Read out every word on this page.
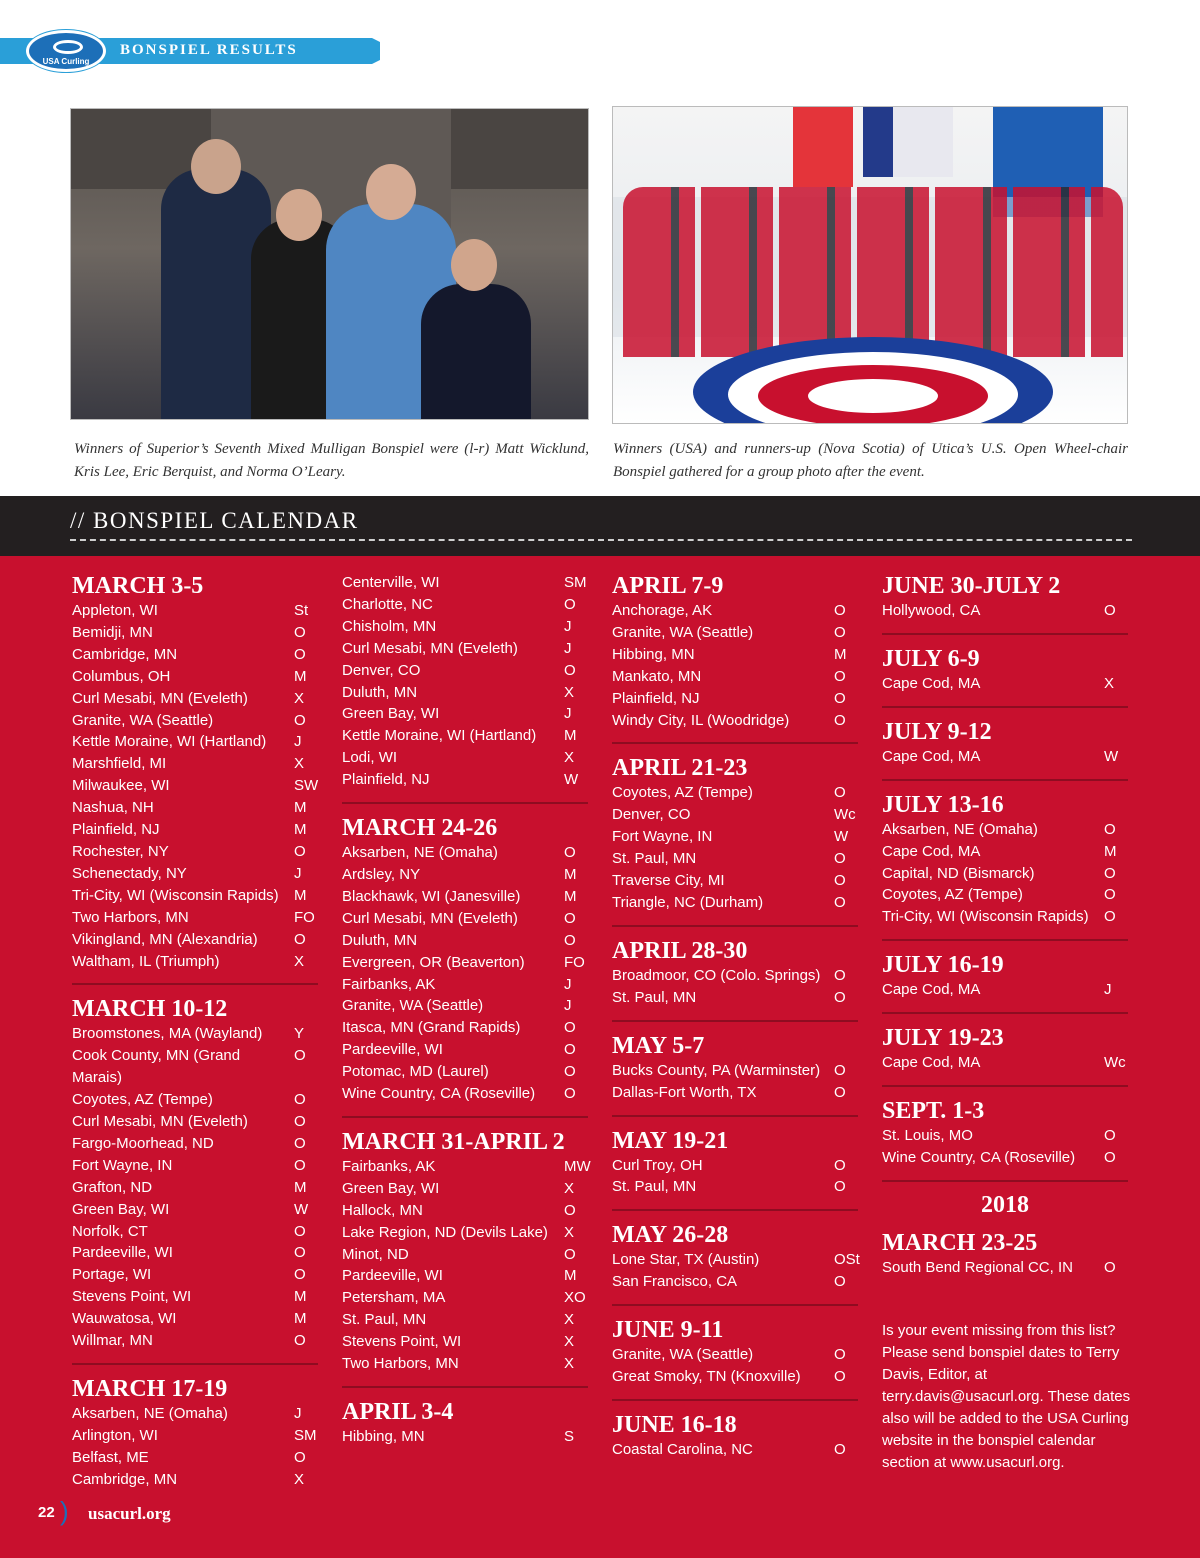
BONSPIEL RESULTS
USA Curling
Winners of Superior’s Seventh Mixed Mulligan Bonspiel were (l-r) Matt Wicklund, Kris Lee, Eric Berquist, and Norma O’Leary.
Winners (USA) and runners-up (Nova Scotia) of Utica’s U.S. Open Wheel-chair Bonspiel gathered for a group photo after the event.
// BONSPIEL CALENDAR
MARCH 3-5
Appleton, WI	St
Bemidji, MN	O
Cambridge, MN	O
Columbus, OH	M
Curl Mesabi, MN (Eveleth)	X
Granite, WA (Seattle)	O
Kettle Moraine, WI (Hartland) J
Marshfield, MI	X
Milwaukee, WI	SW
Nashua, NH	M
Plainfield, NJ	M
Rochester, NY	O
Schenectady, NY	J
Tri-City, WI (Wisconsin Rapids) M
Two Harbors, MN	FO
Vikingland, MN (Alexandria) O
Waltham, IL (Triumph)	X
MARCH 10-12
Broomstones, MA (Wayland) Y
Cook County, MN (Grand Marais)
O
Coyotes, AZ (Tempe)	O
Curl Mesabi, MN (Eveleth)	O
Fargo-Moorhead, ND	O
Fort Wayne, IN	O
Grafton, ND	M
Green Bay, WI	W
Norfolk, CT	O
Pardeeville, WI	O
Portage, WI	O
Stevens Point, WI	M
Wauwatosa, WI	M
Willmar, MN	O
MARCH 17-19
Aksarben, NE (Omaha)	J
Arlington, WI	SM
Belfast, ME	O
Cambridge, MN	X
Centerville, WI	SM
Charlotte, NC	O
Chisholm, MN	J
Curl Mesabi, MN (Eveleth)	J
Denver, CO	O
Duluth, MN	X
Green Bay, WI	J
Kettle Moraine, WI (Hartland) M
Lodi, WI	X
Plainfield, NJ	W
MARCH 24-26
Aksarben, NE (Omaha)	O
Ardsley, NY	M
Blackhawk, WI (Janesville)	M
Curl Mesabi, MN (Eveleth)	O
Duluth, MN	O
Evergreen, OR (Beaverton)	FO
Fairbanks, AK	J
Granite, WA (Seattle)	J
Itasca, MN (Grand Rapids)	O
Pardeeville, WI	O
Potomac, MD (Laurel)	O
Wine Country, CA (Roseville) O
MARCH 31-APRIL 2
Fairbanks, AK	MW
Green Bay, WI	X
Hallock, MN	O
Lake Region, ND (Devils Lake) X
Minot, ND	O
Pardeeville, WI	M
Petersham, MA	XO
St. Paul, MN	X
Stevens Point, WI	X
Two Harbors, MN	X
APRIL 3-4
Hibbing, MN	S
APRIL 7-9
Anchorage, AK	O
Granite, WA (Seattle)	O
Hibbing, MN	M
Mankato, MN	O
Plainfield, NJ	O
Windy City, IL (Woodridge)	O
APRIL 21-23
Coyotes, AZ (Tempe)	O
Denver, CO	Wc
Fort Wayne, IN	W
St. Paul, MN	O
Traverse City, MI	O
Triangle, NC (Durham)	O
APRIL 28-30
Broadmoor, CO (Colo. Springs) O
St. Paul, MN	O
MAY 5-7
Bucks County, PA (Warminster) O
Dallas-Fort Worth, TX	O
MAY 19-21
Curl Troy, OH	O
St. Paul, MN	O
MAY 26-28
Lone Star, TX (Austin)	OSt
San Francisco, CA	O
JUNE 9-11
Granite, WA (Seattle)	O
Great Smoky, TN (Knoxville) O
JUNE 16-18
Coastal Carolina, NC	O
JUNE 30-JULY 2
Hollywood, CA	O
JULY 6-9
Cape Cod, MA	X
JULY 9-12
Cape Cod, MA	W
JULY 13-16
Aksarben, NE (Omaha)	O
Cape Cod, MA	M
Capital, ND (Bismarck)	O
Coyotes, AZ (Tempe)	O
Tri-City, WI (Wisconsin Rapids) O
JULY 16-19
Cape Cod, MA	J
JULY 19-23
Cape Cod, MA	Wc
SEPT. 1-3
St. Louis, MO	O
Wine Country, CA (Roseville) O
2018
MARCH 23-25
South Bend Regional CC, IN O
Is your event missing from this list? Please send bonspiel dates to Terry Davis, Editor, at terry.davis@usacurl.org. These dates also will be added to the USA Curling website in the bonspiel calendar section at www.usacurl.org.
22 ) usacurl.org
